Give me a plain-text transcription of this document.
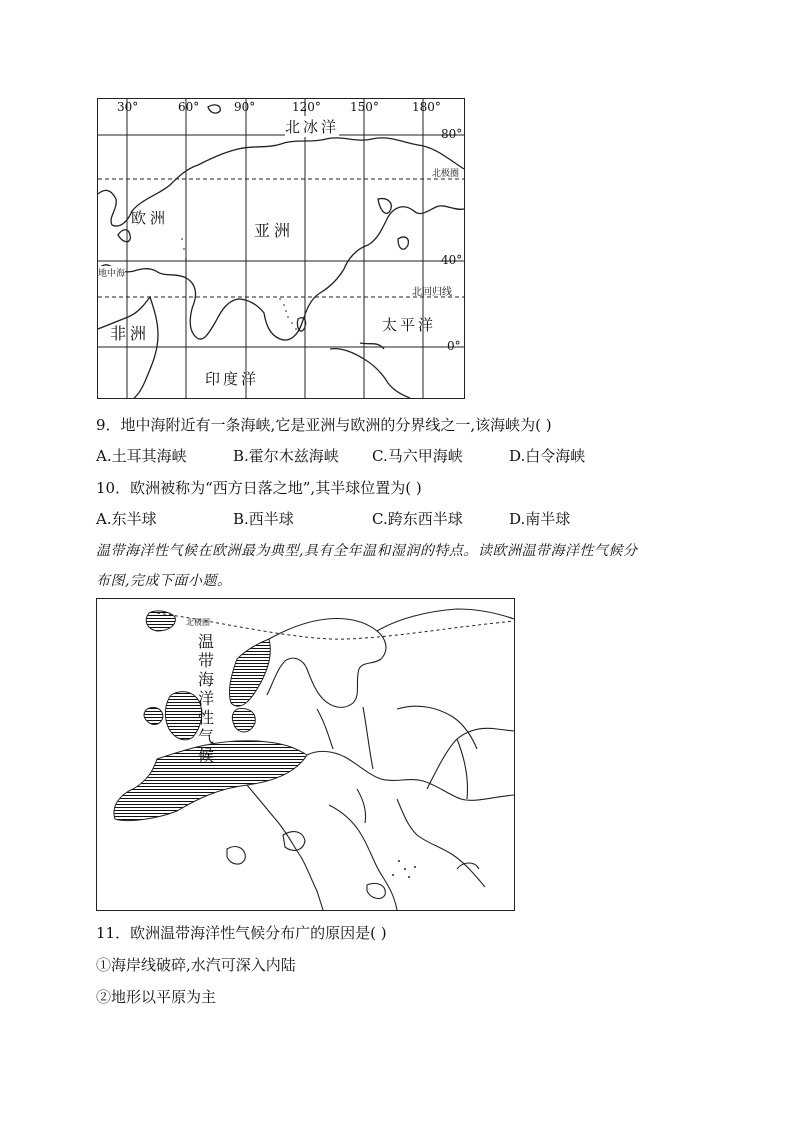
30°	60°	90°	120° 150°	180°
80°
40°
0°
北极圈
北回归线
地中海
北冰洋
欧洲
亚洲
非洲	太平洋
印度洋
9．地中海附近有一条海峡,它是亚洲与欧洲的分界线之一,该海峡为( )
A.土耳其海峡	B.霍尔木兹海峡 C.马六甲海峡	D.白令海峡
10．欧洲被称为“西方日落之地”,其半球位置为( )
A.东半球	B.西半球	C.跨东西半球	D.南半球
温带海洋性气候在欧洲最为典型,具有全年温和湿润的特点。读欧洲温带海洋性气候分
布图,完成下面小题。
北极圈
温
带
海
洋
性
气
候
11．欧洲温带海洋性气候分布广的原因是( )
①海岸线破碎,水汽可深入内陆
②地形以平原为主
